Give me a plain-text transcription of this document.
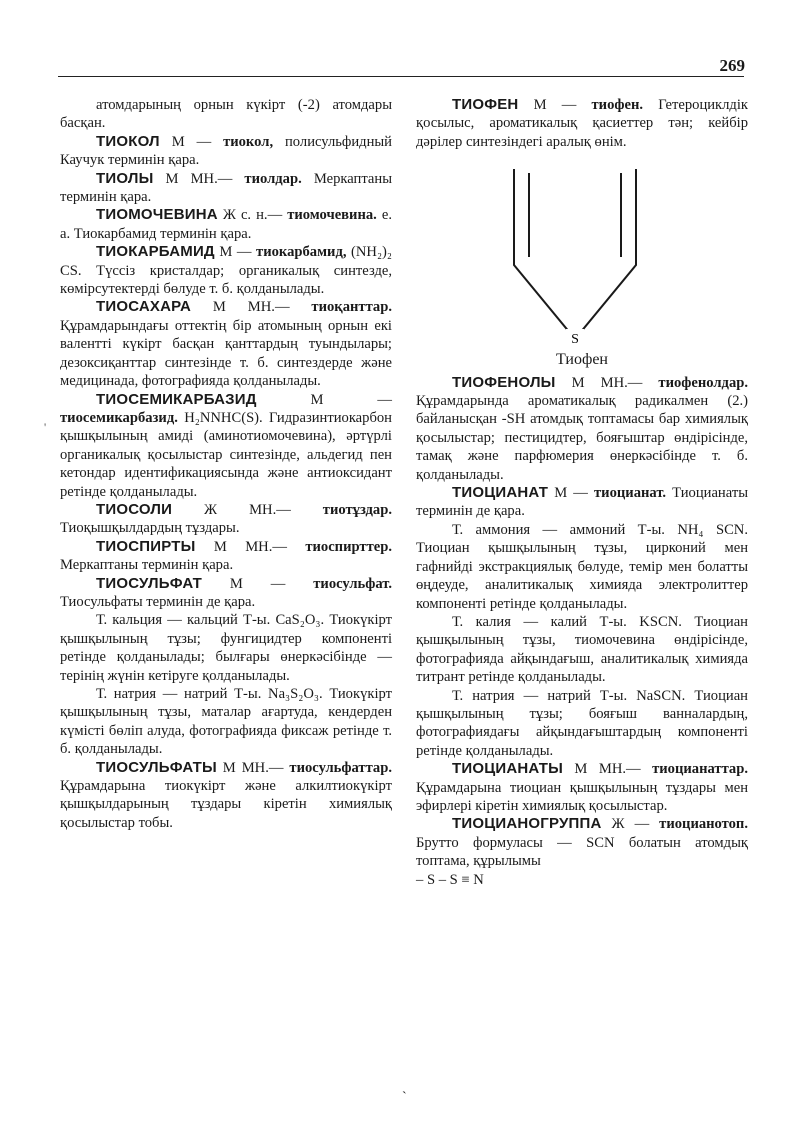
269

атомдарының орнын күкірт (-2) атомдары басқан.

ТИОКОЛ М — тиокол, полисульфидный Каучук терминін қара.

ТИОЛЫ М МН.— тиолдар. Меркаптаны терминін қара.

ТИОМОЧЕВИНА Ж с. н.— тиомочевина. е. а. Тиокарбамид терминін қара.

ТИОКАРБАМИД М — тиокарбамид, (NH₂)₂ CS. Түссіз кристалдар; органикалық синтезде, көмірсутектерді бөлуде т. б. қолданылады.

ТИОСАХАРА М МН.— тиоқанттар. Құрамдарындағы оттектің бір атомының орнын екі валентті күкірт басқан қанттардың туындылары; дезоксиқанттар синтезінде т. б. синтездерде және медицинада, фотографияда қолданылады.

ТИОСЕМИКАРБАЗИД М — тиосемикарбазид. H₂NNHC(S). Гидразинтиокарбон қышқылының амиді (аминотиомочевина), әртүрлі органикалық қосылыстар синтезінде, альдегид пен кетондар идентификациясында және антиоксидант ретінде қолданылады.

ТИОСОЛИ Ж МН.— тиотұздар. Тиоқышқылдардың тұздары.

ТИОСПИРТЫ М МН.— тиоспирттер. Меркаптаны терминін қара.

ТИОСУЛЬФАТ М — тиосульфат. Тиосульфаты терминін де қара.

Т. кальция — кальций Т-ы. CaS₂O₃. Тиокүкірт қышқылының тұзы; фунгицидтер компоненті ретінде қолданылады; былғары өнеркәсібінде — терінің жүнін кетіруге қолданылады.

Т. натрия — натрий Т-ы. Na₃S₂O₃. Тиокүкірт қышқылының тұзы, маталар ағартуда, кендерден күмісті бөліп алуда, фотографияда фиксаж ретінде т. б. қолданылады.

ТИОСУЛЬФАТЫ М МН.— тиосульфаттар. Құрамдарына тиокүкірт және алкилтиокүкірт қышқылдарының тұздары кіретін химиялық қосылыстар тобы.

ТИОФЕН М — тиофен. Гетероциклдік қосылыс, ароматикалық қасиеттер тән; кейбір дәрілер синтезіндегі аралық өнім.

S

Тиофен

ТИОФЕНОЛЫ М МН.— тиофенолдар. Құрамдарында ароматикалық радикалмен (2.) байланысқан -SH атомдық топтамасы бар химиялық қосылыстар; пестицидтер, бояғыштар өндірісінде, тамақ және парфюмерия өнеркәсібінде т. б. қолданылады.

ТИОЦИАНАТ М — тиоцианат. Тиоцианаты терминін де қара.

Т. аммония — аммоний Т-ы. NH₄ SCN. Тиоциан қышқылының тұзы, цирконий мен гафнийді экстракциялық бөлуде, темір мен болатты өңдеуде, аналитикалық химияда электролиттер компоненті ретінде қолданылады.

Т. калия — калий Т-ы. KSCN. Тиоциан қышқылының тұзы, тиомочевина өндірісінде, фотографияда айқындағыш, аналитикалық химияда титрант ретінде қолданылады.

Т. натрия — натрий Т-ы. NaSCN. Тиоциан қышқылының тұзы; бояғыш ванналардың, фотографиядағы айқындағыштардың компоненті ретінде қолданылады.

ТИОЦИАНАТЫ М МН.— тиоцианаттар. Құрамдарына тиоциан қышқылының тұздары мен эфирлері кіретін химиялық қосылыстар.

ТИОЦИАНОГРУППА Ж — тиоцианотоп. Брутто формуласы — SCN болатын атомдық топтама, құрылымы

– S – S ≡ N

`
'
